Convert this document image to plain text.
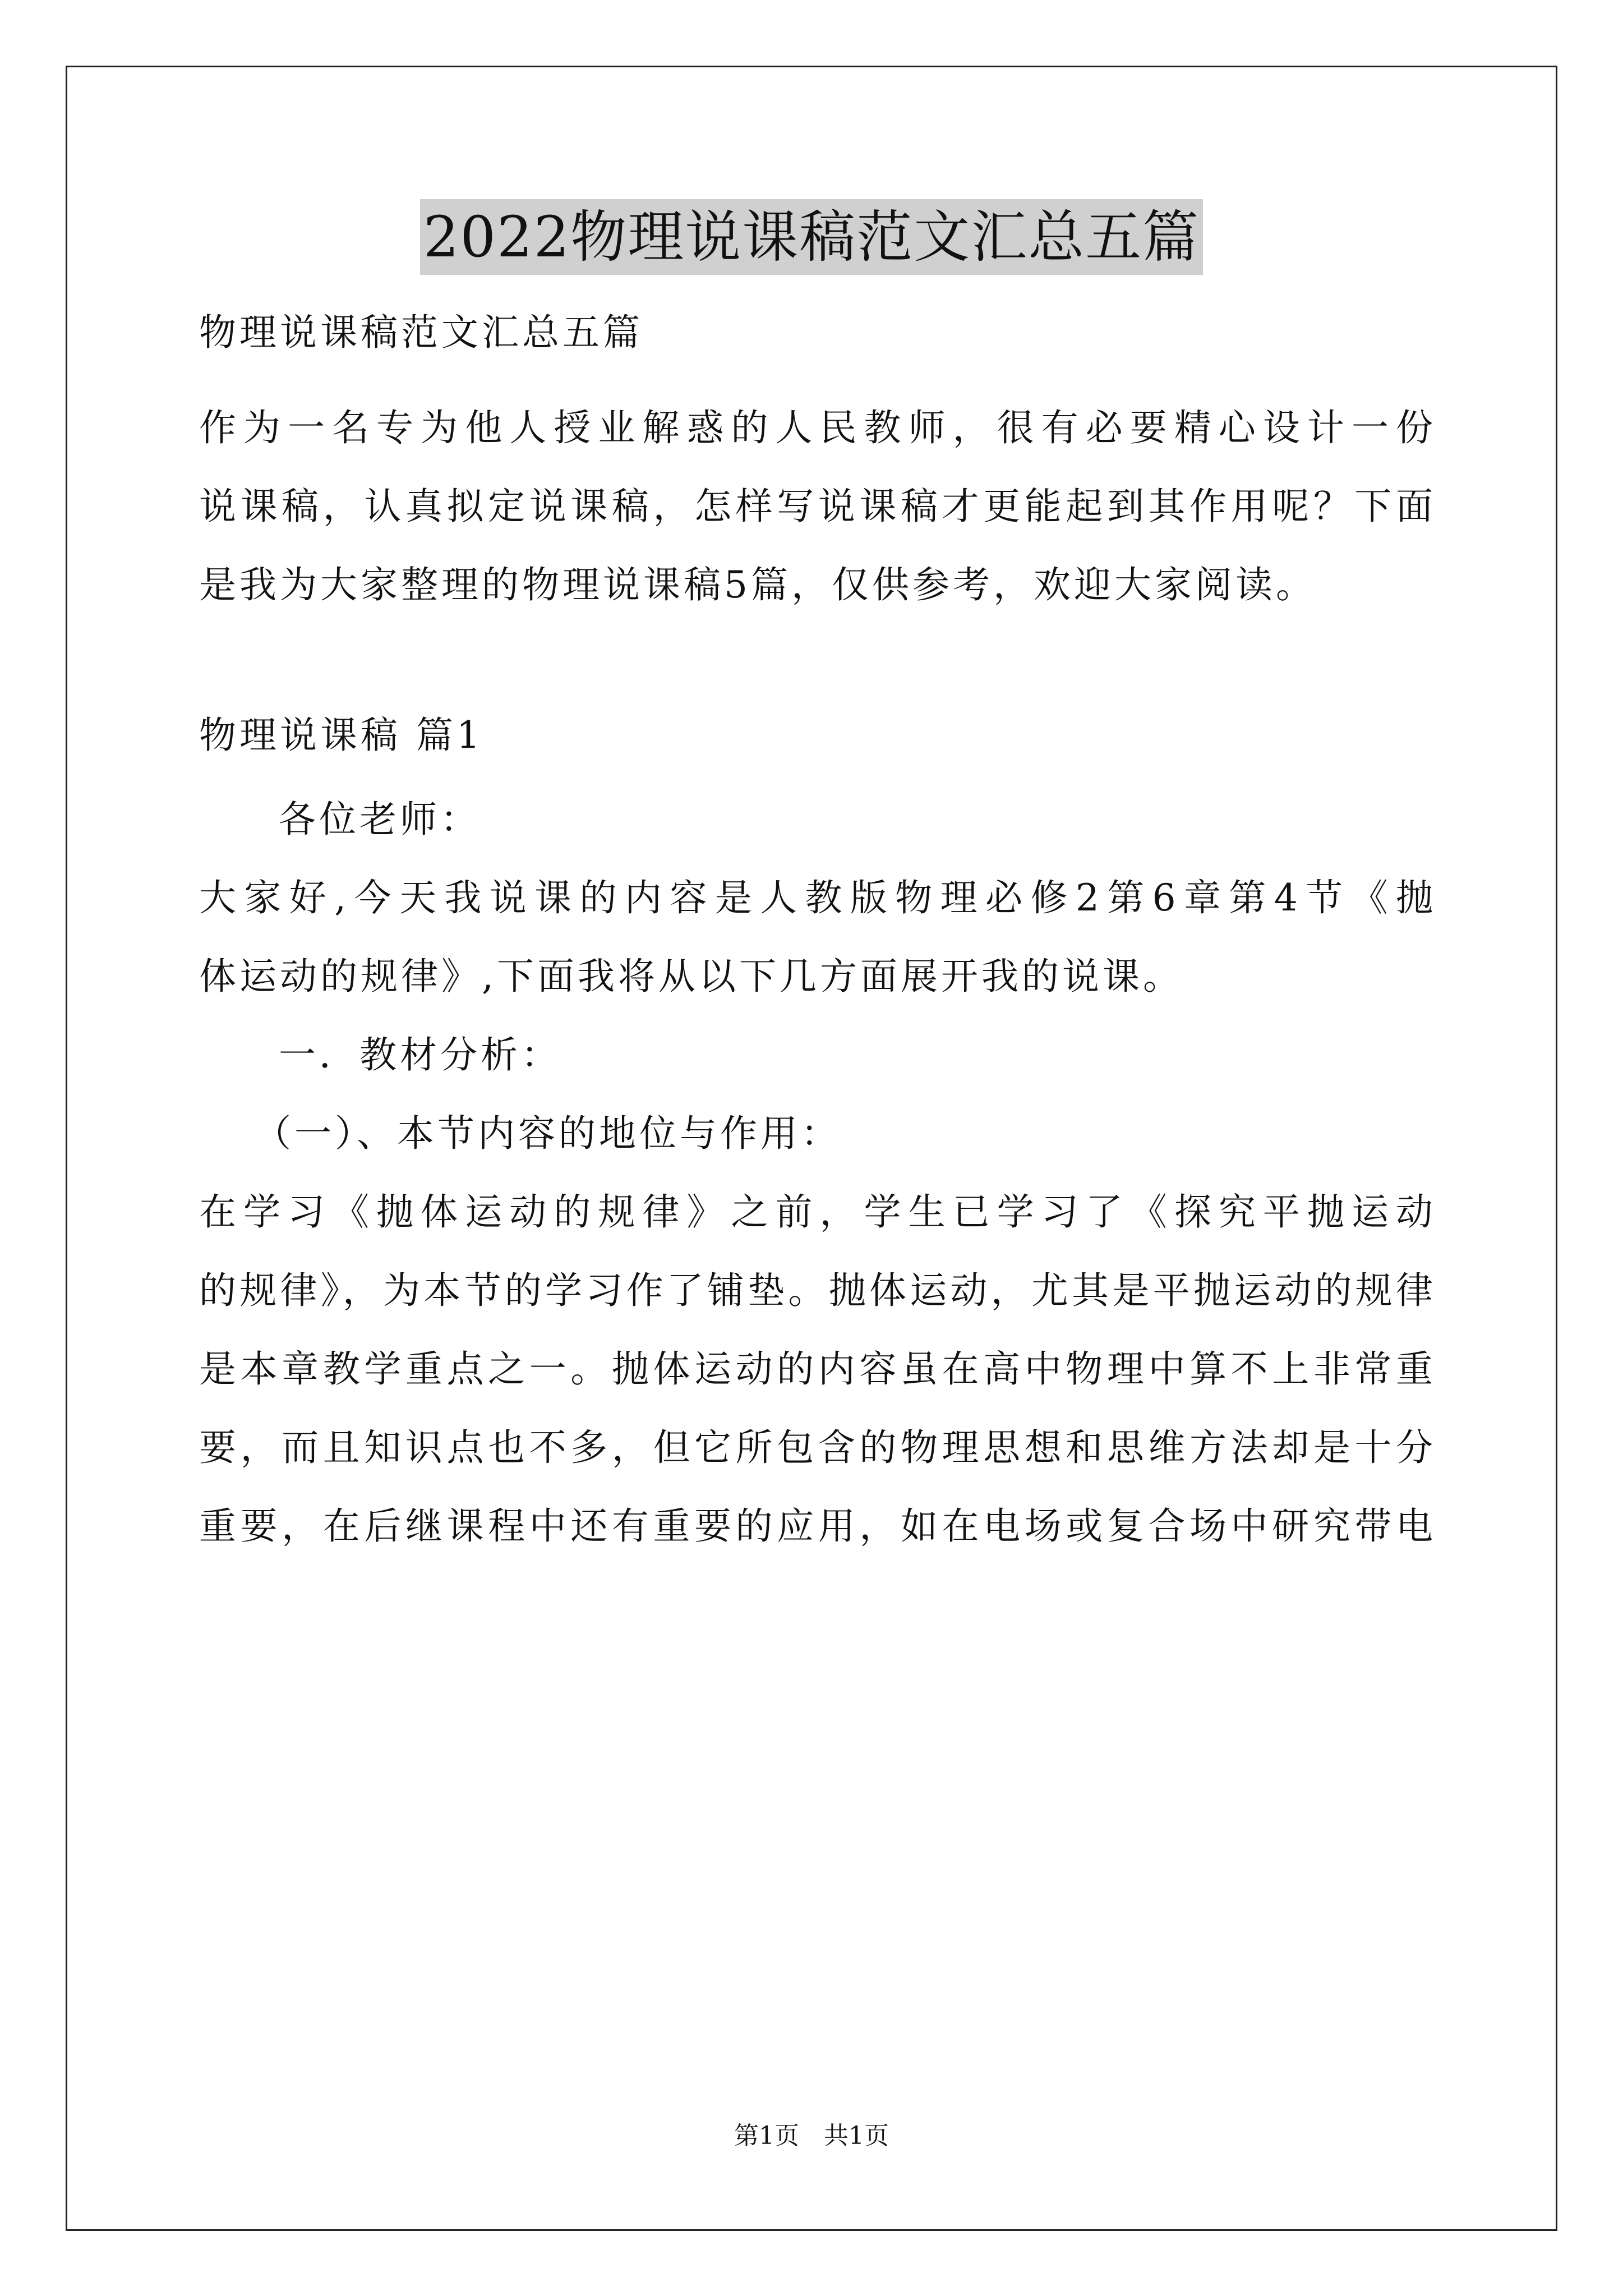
2022物理说课稿范文汇总五篇
物理说课稿范文汇总五篇
作为一名专为他人授业解惑的人民教师，很有必要精心设计一份
说课稿，认真拟定说课稿，怎样写说课稿才更能起到其作用呢？下面
是我为大家整理的物理说课稿5篇，仅供参考，欢迎大家阅读。
物理说课稿 篇1
各位老师：
大家好,今天我说课的内容是人教版物理必修2第6章第4节《抛
体运动的规律》,下面我将从以下几方面展开我的说课。
一．教材分析：
（一）、本节内容的地位与作用：
在学习《抛体运动的规律》之前，学生已学习了《探究平抛运动
的规律》，为本节的学习作了铺垫。抛体运动，尤其是平抛运动的规律
是本章教学重点之一。抛体运动的内容虽在高中物理中算不上非常重
要，而且知识点也不多，但它所包含的物理思想和思维方法却是十分
重要，在后继课程中还有重要的应用，如在电场或复合场中研究带电
第1页　共1页
